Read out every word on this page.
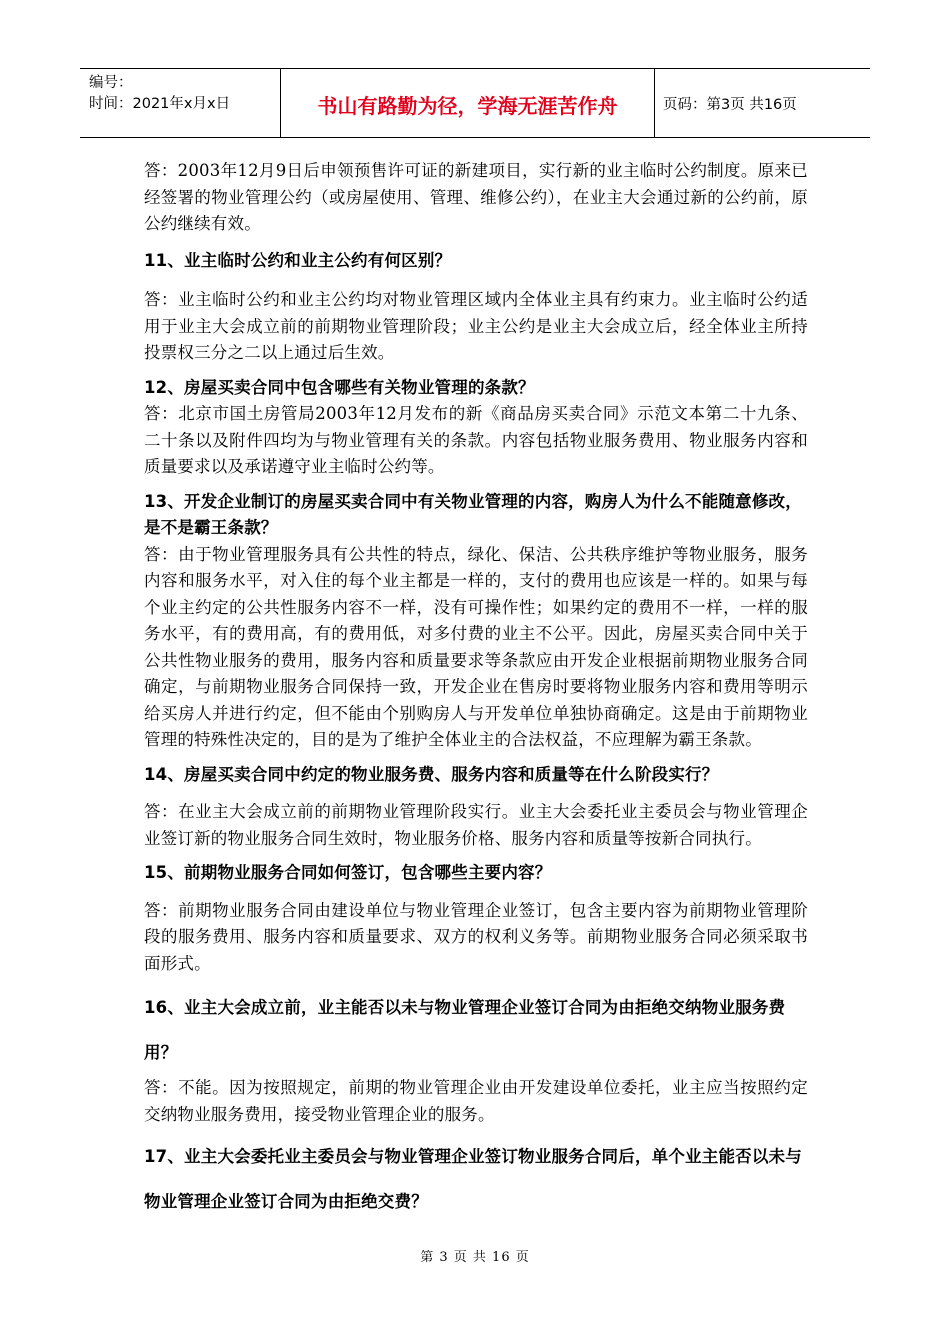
编号：
时间：2021年x月x日	书山有路勤为径，学海无涯苦作舟	页码：第3页 共16页

答：2003年12月9日后申领预售许可证的新建项目，实行新的业主临时公约制度。原来已经签署的物业管理公约（或房屋使用、管理、维修公约），在业主大会通过新的公约前，原公约继续有效。

11、业主临时公约和业主公约有何区别？

答：业主临时公约和业主公约均对物业管理区域内全体业主具有约束力。业主临时公约适用于业主大会成立前的前期物业管理阶段；业主公约是业主大会成立后，经全体业主所持投票权三分之二以上通过后生效。

12、房屋买卖合同中包含哪些有关物业管理的条款？

答：北京市国土房管局2003年12月发布的新《商品房买卖合同》示范文本第二十九条、二十条以及附件四均为与物业管理有关的条款。内容包括物业服务费用、物业服务内容和质量要求以及承诺遵守业主临时公约等。

13、开发企业制订的房屋买卖合同中有关物业管理的内容，购房人为什么不能随意修改，是不是霸王条款？

答：由于物业管理服务具有公共性的特点，绿化、保洁、公共秩序维护等物业服务，服务内容和服务水平，对入住的每个业主都是一样的，支付的费用也应该是一样的。如果与每个业主约定的公共性服务内容不一样，没有可操作性；如果约定的费用不一样，一样的服务水平，有的费用高，有的费用低，对多付费的业主不公平。因此，房屋买卖合同中关于公共性物业服务的费用，服务内容和质量要求等条款应由开发企业根据前期物业服务合同确定，与前期物业服务合同保持一致，开发企业在售房时要将物业服务内容和费用等明示给买房人并进行约定，但不能由个别购房人与开发单位单独协商确定。这是由于前期物业管理的特殊性决定的，目的是为了维护全体业主的合法权益，不应理解为霸王条款。

14、房屋买卖合同中约定的物业服务费、服务内容和质量等在什么阶段实行？

答：在业主大会成立前的前期物业管理阶段实行。业主大会委托业主委员会与物业管理企业签订新的物业服务合同生效时，物业服务价格、服务内容和质量等按新合同执行。

15、前期物业服务合同如何签订，包含哪些主要内容？

答：前期物业服务合同由建设单位与物业管理企业签订，包含主要内容为前期物业管理阶段的服务费用、服务内容和质量要求、双方的权利义务等。前期物业服务合同必须采取书面形式。

16、业主大会成立前，业主能否以未与物业管理企业签订合同为由拒绝交纳物业服务费用？

答：不能。因为按照规定，前期的物业管理企业由开发建设单位委托，业主应当按照约定交纳物业服务费用，接受物业管理企业的服务。

17、业主大会委托业主委员会与物业管理企业签订物业服务合同后，单个业主能否以未与物业管理企业签订合同为由拒绝交费？

第 3 页 共 16 页
